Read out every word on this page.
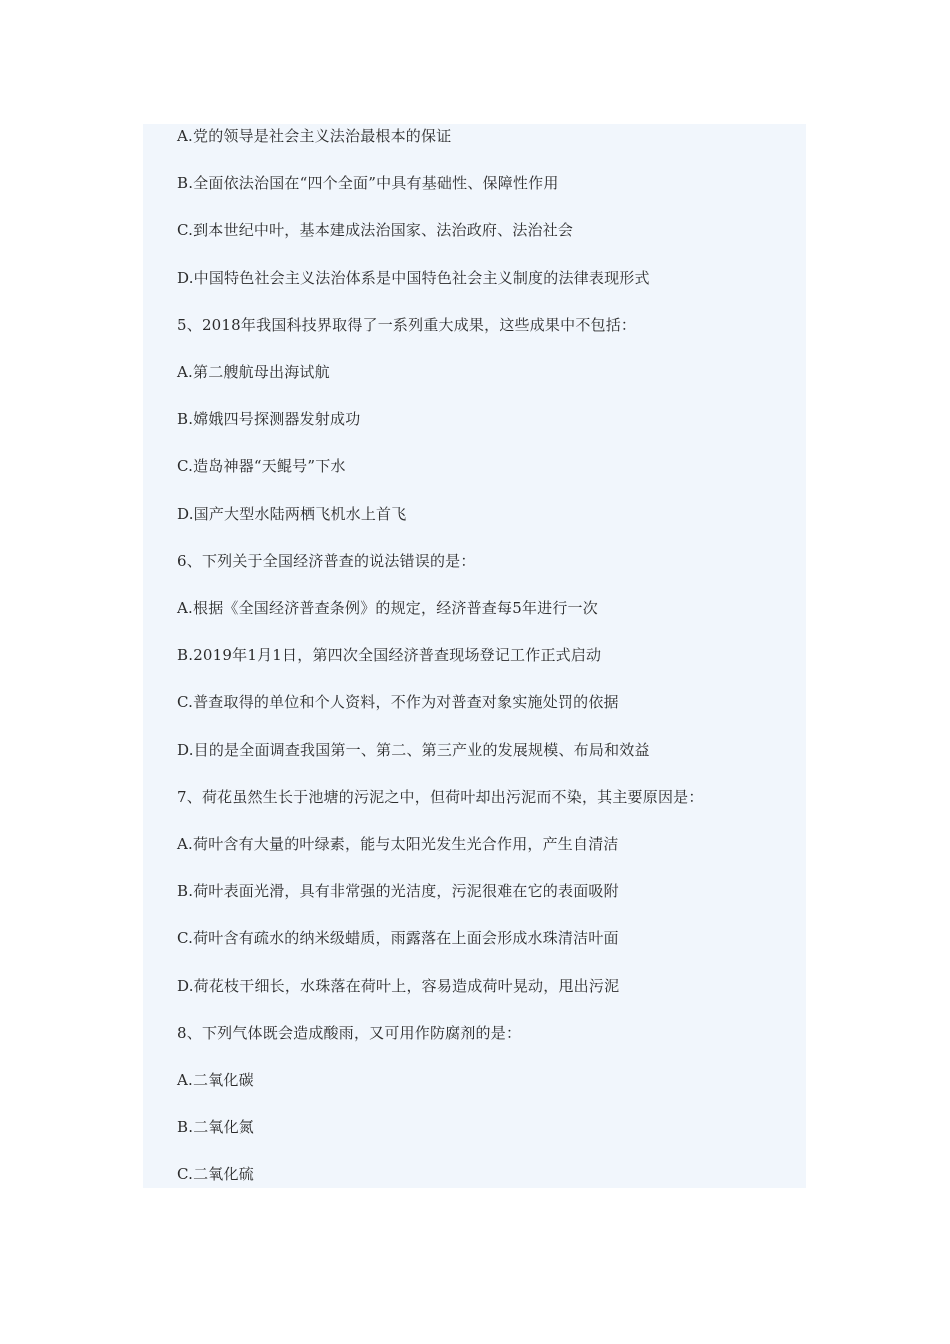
A.党的领导是社会主义法治最根本的保证
B.全面依法治国在“四个全面”中具有基础性、保障性作用
C.到本世纪中叶，基本建成法治国家、法治政府、法治社会
D.中国特色社会主义法治体系是中国特色社会主义制度的法律表现形式
5、2018年我国科技界取得了一系列重大成果，这些成果中不包括：
A.第二艘航母出海试航
B.嫦娥四号探测器发射成功
C.造岛神器“天鲲号”下水
D.国产大型水陆两栖飞机水上首飞
6、下列关于全国经济普查的说法错误的是：
A.根据《全国经济普查条例》的规定，经济普查每5年进行一次
B.2019年1月1日，第四次全国经济普查现场登记工作正式启动
C.普查取得的单位和个人资料，不作为对普查对象实施处罚的依据
D.目的是全面调查我国第一、第二、第三产业的发展规模、布局和效益
7、荷花虽然生长于池塘的污泥之中，但荷叶却出污泥而不染，其主要原因是：
A.荷叶含有大量的叶绿素，能与太阳光发生光合作用，产生自清洁
B.荷叶表面光滑，具有非常强的光洁度，污泥很难在它的表面吸附
C.荷叶含有疏水的纳米级蜡质，雨露落在上面会形成水珠清洁叶面
D.荷花枝干细长，水珠落在荷叶上，容易造成荷叶晃动，甩出污泥
8、下列气体既会造成酸雨，又可用作防腐剂的是：
A.二氧化碳
B.二氧化氮
C.二氧化硫
